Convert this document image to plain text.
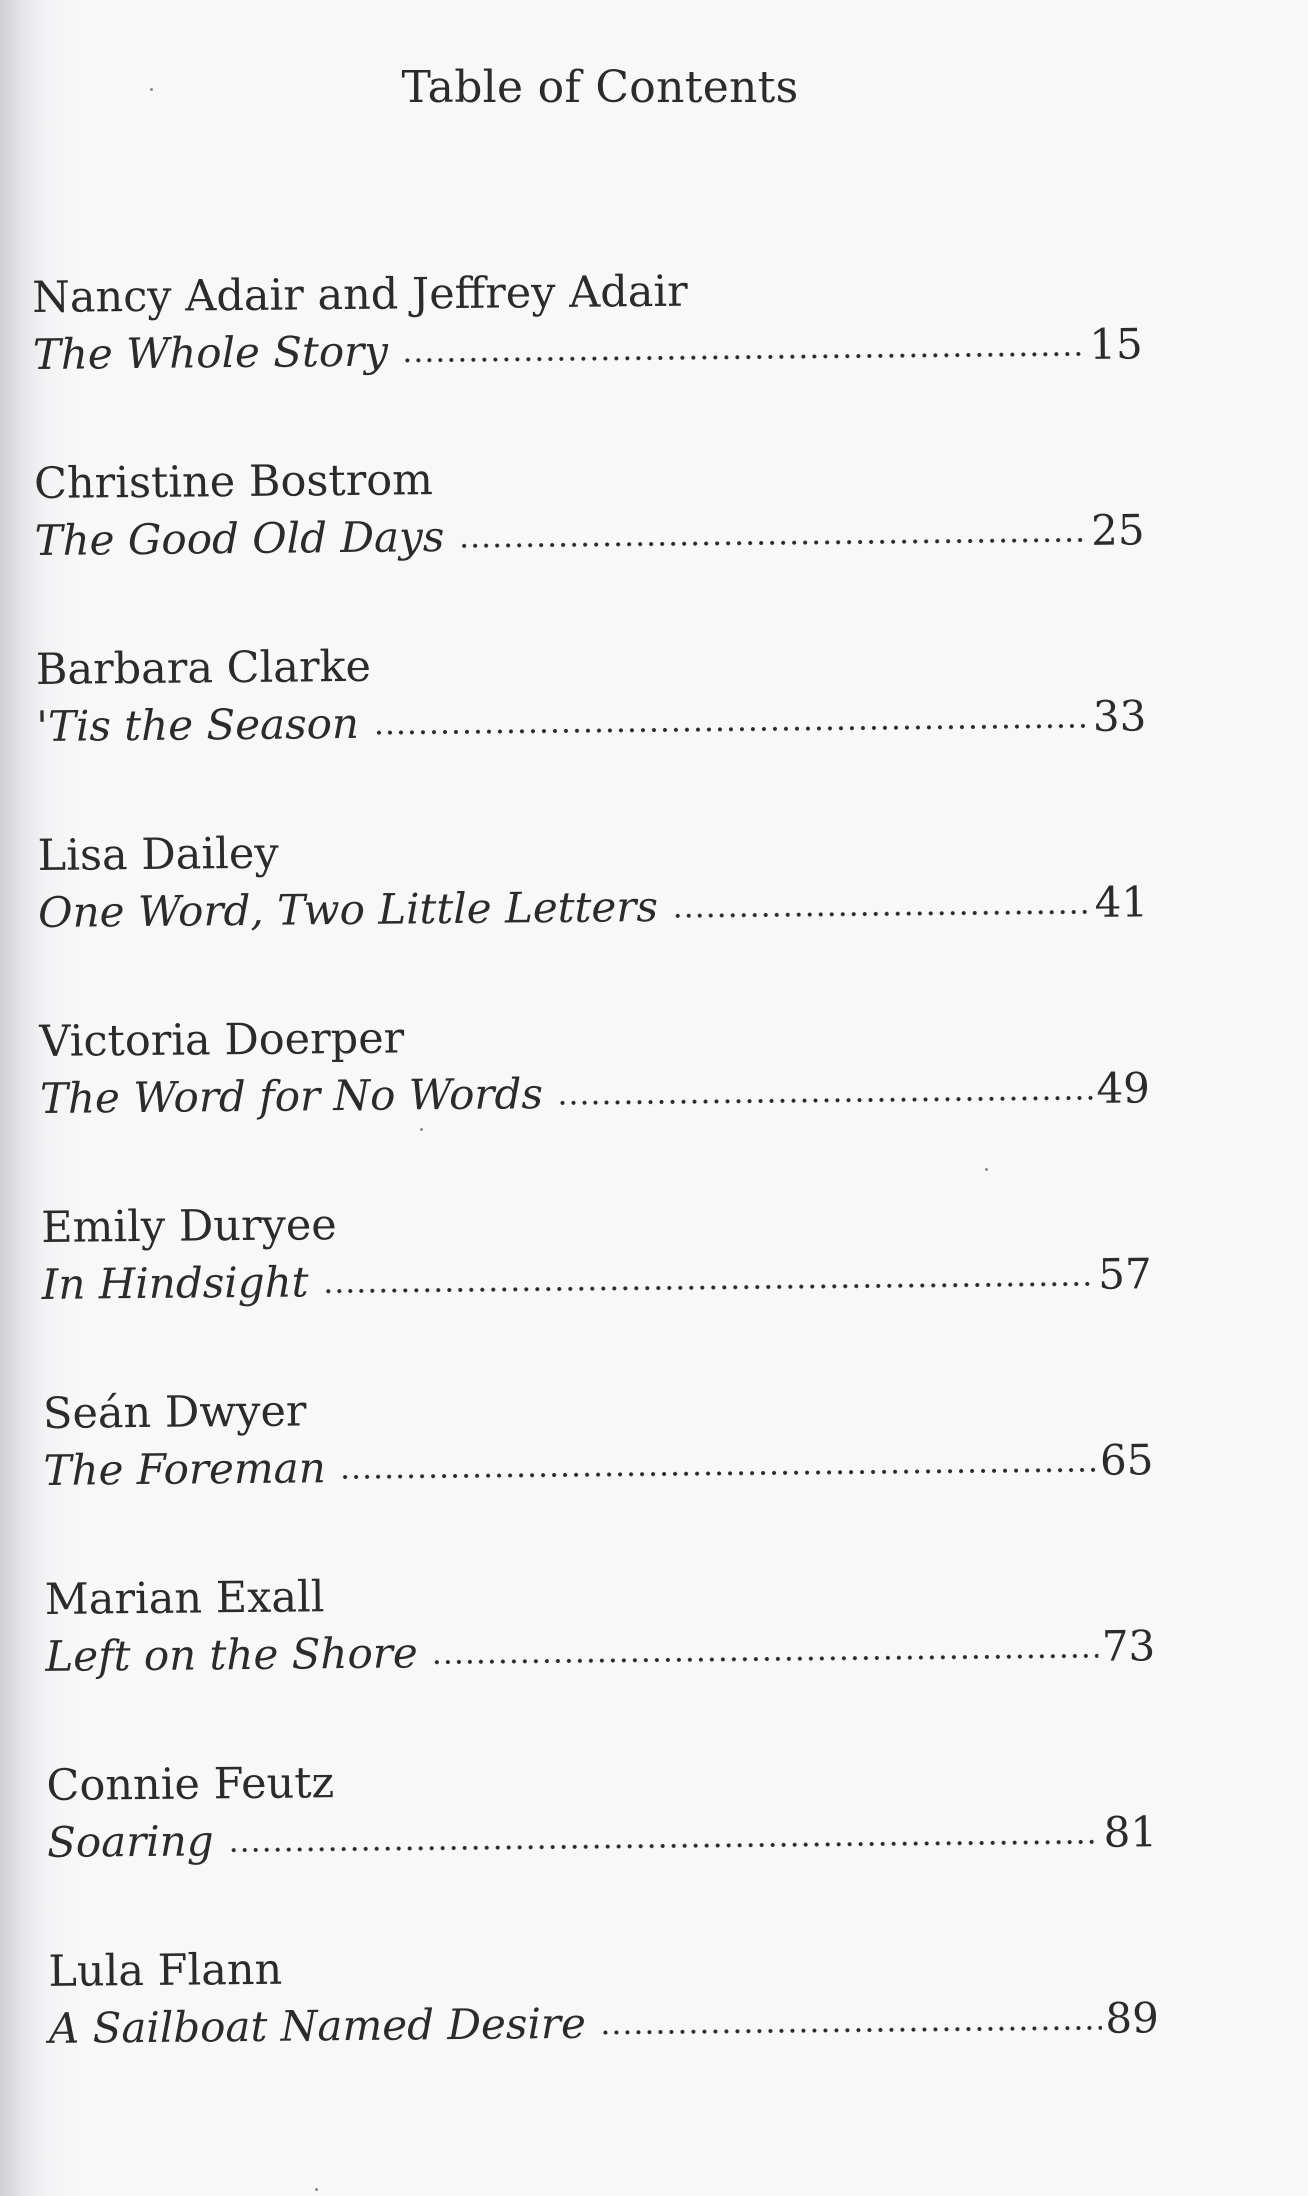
Table of Contents
Nancy Adair and Jeffrey Adair
The Whole Story	15
Christine Bostrom
The Good Old Days	25
Barbara Clarke
'Tis the Season	33
Lisa Dailey
One Word, Two Little Letters	41
Victoria Doerper
The Word for No Words	49
Emily Duryee
In Hindsight	57
Seán Dwyer
The Foreman	65
Marian Exall
Left on the Shore	73
Connie Feutz
Soaring	81
Lula Flann
A Sailboat Named Desire	89
